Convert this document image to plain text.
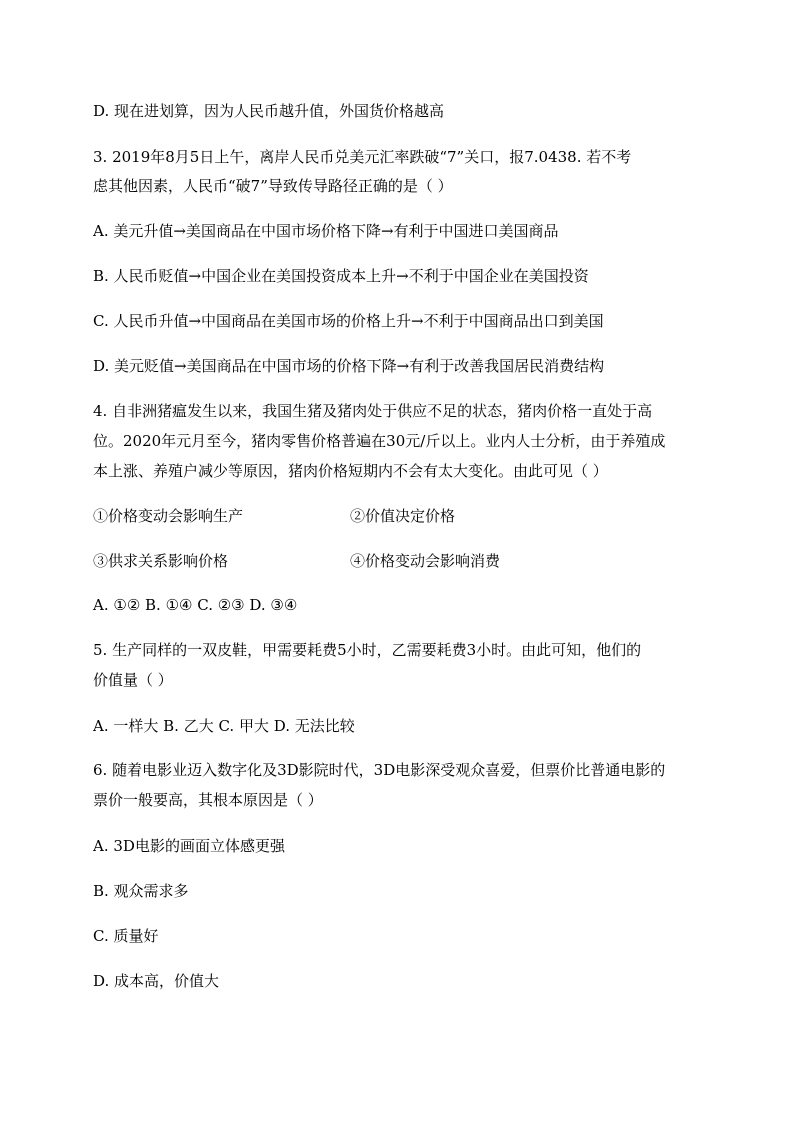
D. 现在进划算，因为人民币越升值，外国货价格越高
3. 2019年8月5日上午，离岸人民币兑美元汇率跌破“7”关口，报7.0438. 若不考
虑其他因素，人民币“破7”导致传导路径正确的是（ ）
A. 美元升值→美国商品在中国市场价格下降→有利于中国进口美国商品
B. 人民币贬值→中国企业在美国投资成本上升→不利于中国企业在美国投资
C. 人民币升值→中国商品在美国市场的价格上升→不利于中国商品出口到美国
D. 美元贬值→美国商品在中国市场的价格下降→有利于改善我国居民消费结构
4. 自非洲猪瘟发生以来，我国生猪及猪肉处于供应不足的状态，猪肉价格一直处于高
位。2020年元月至今，猪肉零售价格普遍在30元/斤以上。业内人士分析，由于养殖成
本上涨、养殖户减少等原因，猪肉价格短期内不会有太大变化。由此可见（ ）
①价格变动会影响生产	②价值决定价格
③供求关系影响价格	④价格变动会影响消费
A. ①② B. ①④ C. ②③ D. ③④
5. 生产同样的一双皮鞋，甲需要耗费5小时，乙需要耗费3小时。由此可知，他们的
价值量（ ）
A. 一样大 B. 乙大 C. 甲大 D. 无法比较
6. 随着电影业迈入数字化及3D影院时代，3D电影深受观众喜爱，但票价比普通电影的
票价一般要高，其根本原因是（ ）
A. 3D电影的画面立体感更强
B. 观众需求多
C. 质量好
D. 成本高，价值大
